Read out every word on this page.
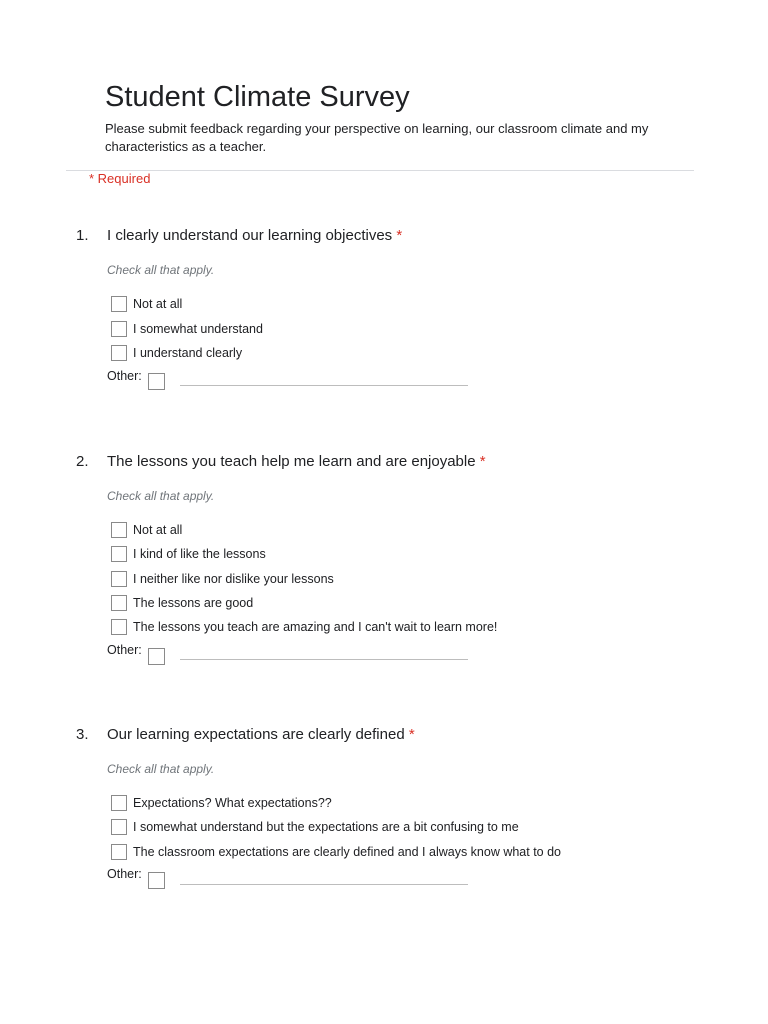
Student Climate Survey
Please submit feedback regarding your perspective on learning, our classroom climate and my characteristics as a teacher.
* Required
1. I clearly understand our learning objectives *
Check all that apply.
Not at all
I somewhat understand
I understand clearly
Other:
2. The lessons you teach help me learn and are enjoyable *
Check all that apply.
Not at all
I kind of like the lessons
I neither like nor dislike your lessons
The lessons are good
The lessons you teach are amazing and I can't wait to learn more!
Other:
3. Our learning expectations are clearly defined *
Check all that apply.
Expectations? What expectations??
I somewhat understand but the expectations are a bit confusing to me
The classroom expectations are clearly defined and I always know what to do
Other:
